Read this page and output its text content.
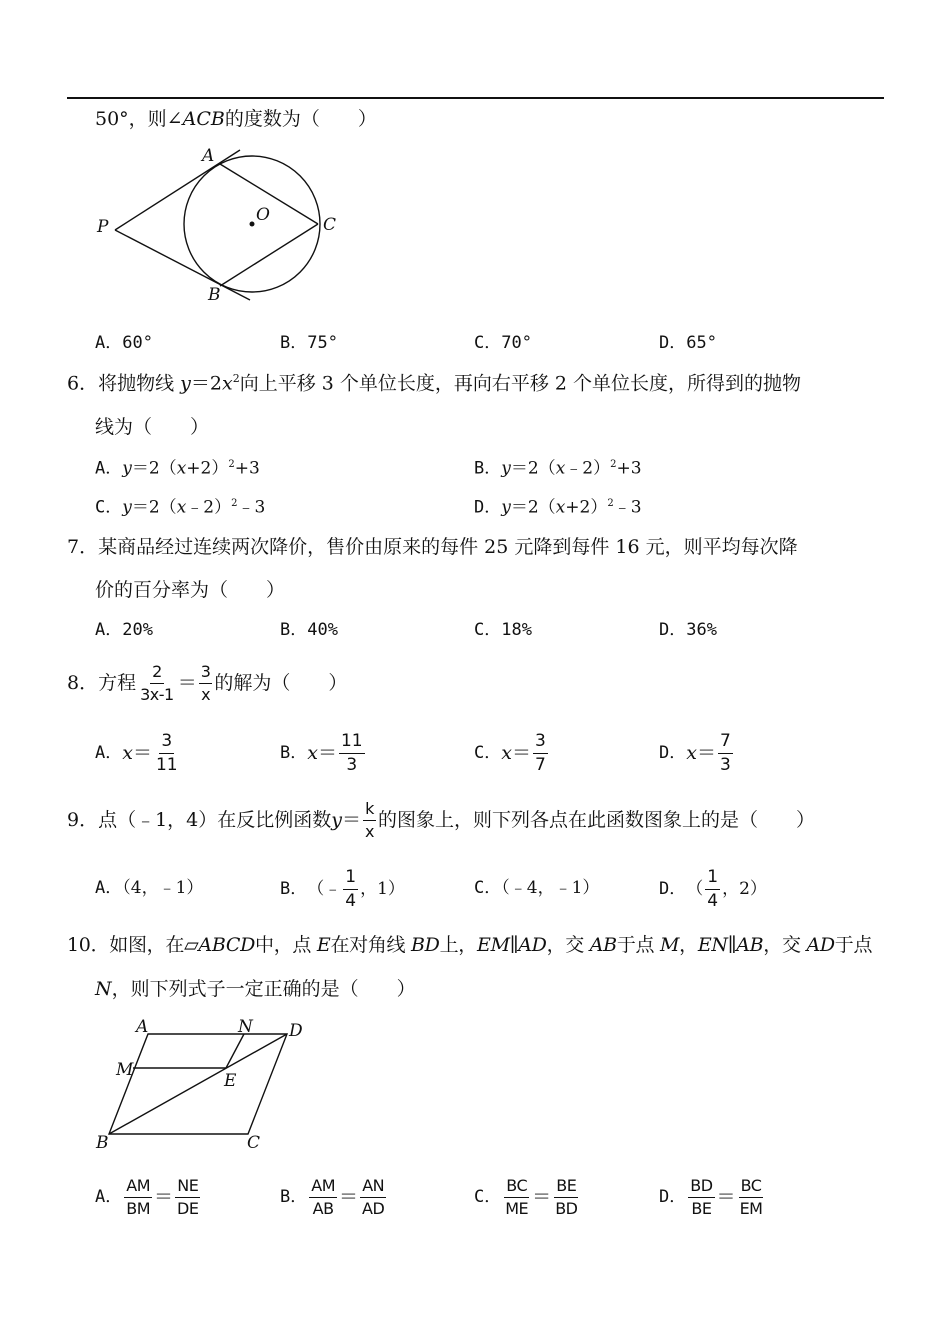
50°，则∠ACB的度数为（　　）
A
P
O	C
B
A．60°	B．75°	C．70°	D．65°
6．将抛物线 $y=2x^2$向上平移 3 个单位长度，再向右平移 2 个单位长度，所得到的抛物
线为（　　）
A．$y=2(x+2)^2+3$	B．y＝2（x﹣2）$^2$+3
C．y＝2（x﹣2）$^2$﹣3	D．$y=2(x+2)^2﹣3$
7．某商品经过连续两次降价，售价由原来的每件 25 元降到每件 16 元，则平均每次降
价的百分率为（　　）
A．20%	B．40%	C．18%	D．36%
8． 方程 $\frac{2}{3x-1} = \frac{3}{x}$ 的解为（　　）
A． $x = \frac{3}{11}$	B． $x = \frac{11}{3}$	C． $x = \frac{3}{7}$	D． $x = \frac{7}{3}$
9． 点（﹣1，4）在反比例函数 $y = \frac{k}{x}$ 的图象上，则下列各点在此函数图象上的是（　　）
A．（4，﹣1）	B． （﹣ $\frac{1}{4}$ ，1）	C．（﹣4，﹣1）	D． （ $\frac{1}{4}$ ，2）
10．如图，在▱ABCD中，点 E在对角线 BD上，EM∥AD，交 AB于点 M，EN∥AB，交 AD于点
N，则下列式子一定正确的是（　　）
A	N D
M
E
B	C
A． $\frac{AM}{BM} = \frac{NE}{DE}$	B． $\frac{AM}{AB} = \frac{AN}{AD}$	C． $\frac{BC}{ME} = \frac{BE}{BD}$	D． $\frac{BD}{BE} = \frac{BC}{EM}$
